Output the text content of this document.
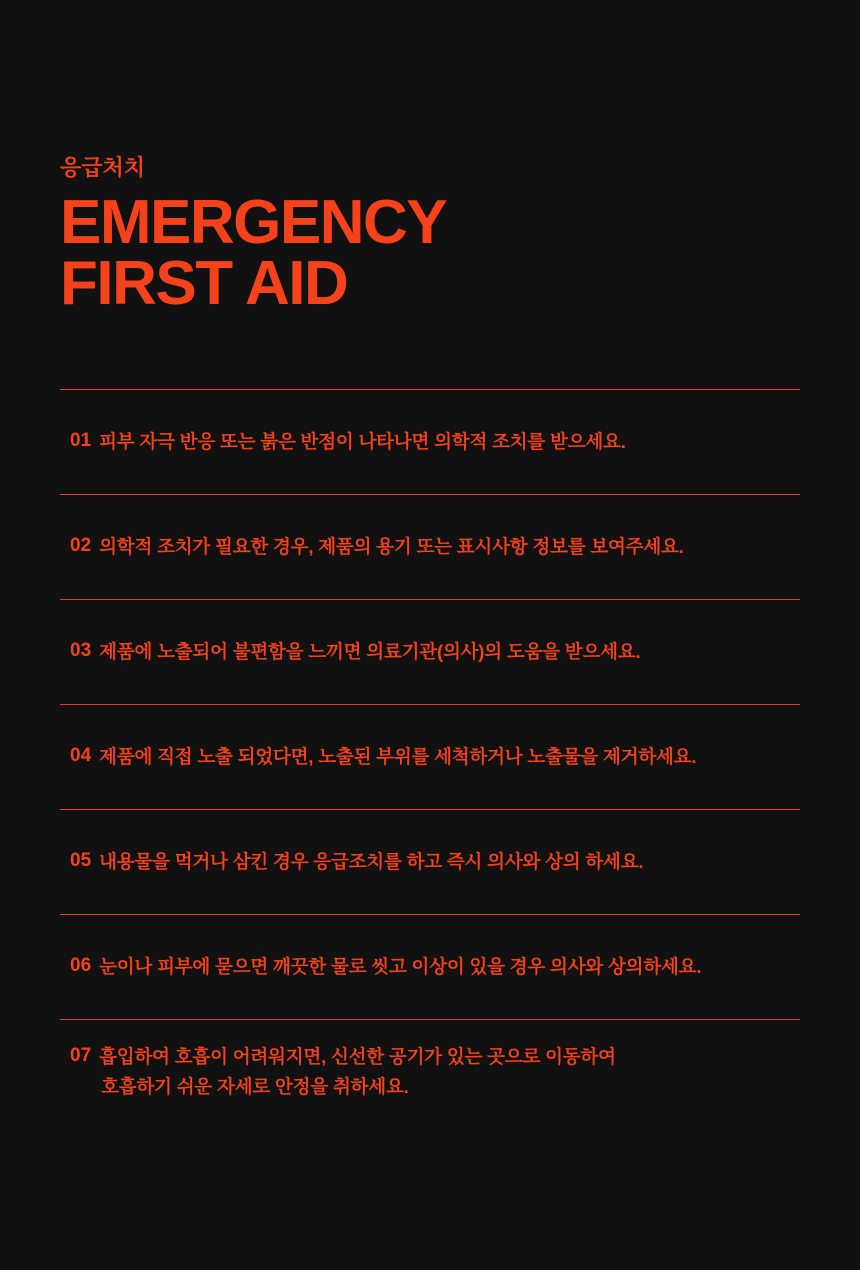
응급처치
EMERGENCY
FIRST AID
01 피부 자극 반응 또는 붉은 반점이 나타나면 의학적 조치를 받으세요.
02 의학적 조치가 필요한 경우, 제품의 용기 또는 표시사항 정보를 보여주세요.
03 제품에 노출되어 불편함을 느끼면 의료기관(의사)의 도움을 받으세요.
04 제품에 직접 노출 되었다면, 노출된 부위를 세척하거나 노출물을 제거하세요.
05 내용물을 먹거나 삼킨 경우 응급조치를 하고 즉시 의사와 상의 하세요.
06 눈이나 피부에 묻으면 깨끗한 물로 씻고 이상이 있을 경우 의사와 상의하세요.
07 흡입하여 호흡이 어려워지면, 신선한 공기가 있는 곳으로 이동하여
호흡하기 쉬운 자세로 안정을 취하세요.
